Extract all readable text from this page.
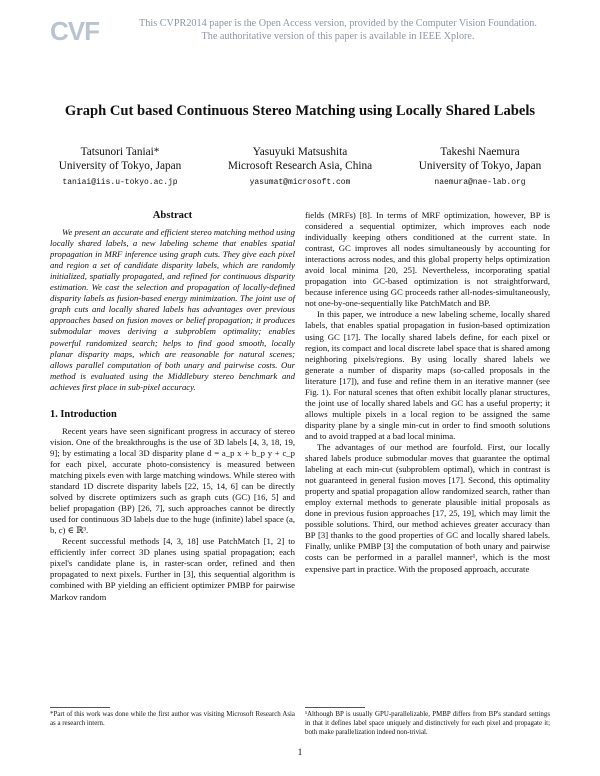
CVF	This CVPR2014 paper is the Open Access version, provided by the Computer Vision Foundation.
The authoritative version of this paper is available in IEEE Xplore.
Graph Cut based Continuous Stereo Matching using Locally Shared Labels
Tatsunori Taniai*
University of Tokyo, Japan
taniai@iis.u-tokyo.ac.jp
Yasuyuki Matsushita
Microsoft Research Asia, China
yasumat@microsoft.com
Takeshi Naemura
University of Tokyo, Japan
naemura@nae-lab.org
Abstract

We present an accurate and efficient stereo matching method using locally shared labels, a new labeling scheme that enables spatial propagation in MRF inference using graph cuts. They give each pixel and region a set of candidate disparity labels, which are randomly initialized, spatially propagated, and refined for continuous disparity estimation. We cast the selection and propagation of locally-defined disparity labels as fusion-based energy minimization. The joint use of graph cuts and locally shared labels has advantages over previous approaches based on fusion moves or belief propagation; it produces submodular moves deriving a subproblem optimality; enables powerful randomized search; helps to find good smooth, locally planar disparity maps, which are reasonable for natural scenes; allows parallel computation of both unary and pairwise costs. Our method is evaluated using the Middlebury stereo benchmark and achieves first place in sub-pixel accuracy.

1. Introduction

Recent years have seen significant progress in accuracy of stereo vision. One of the breakthroughs is the use of 3D labels [4, 3, 18, 19, 9]; by estimating a local 3D disparity plane d = a_p x + b_p y + c_p for each pixel, accurate photo-consistency is measured between matching pixels even with large matching windows. While stereo with standard 1D discrete disparity labels [22, 15, 14, 6] can be directly solved by discrete optimizers such as graph cuts (GC) [16, 5] and belief propagation (BP) [26, 7], such approaches cannot be directly used for continuous 3D labels due to the huge (infinite) label space (a, b, c) ∈ ℝ³.

Recent successful methods [4, 3, 18] use PatchMatch [1, 2] to efficiently infer correct 3D planes using spatial propagation; each pixel's candidate plane is, in raster-scan order, refined and then propagated to next pixels. Further in [3], this sequential algorithm is combined with BP yielding an efficient optimizer PMBP for pairwise Markov random

*Part of this work was done while the first author was visiting Microsoft Research Asia as a research intern.

fields (MRFs) [8]. In terms of MRF optimization, however, BP is considered a sequential optimizer, which improves each node individually keeping others conditioned at the current state. In contrast, GC improves all nodes simultaneously by accounting for interactions across nodes, and this global property helps optimization avoid local minima [20, 25]. Nevertheless, incorporating spatial propagation into GC-based optimization is not straightforward, because inference using GC proceeds rather all-nodes-simultaneously, not one-by-one-sequentially like PatchMatch and BP.

In this paper, we introduce a new labeling scheme, locally shared labels, that enables spatial propagation in fusion-based optimization using GC [17]. The locally shared labels define, for each pixel or region, its compact and local discrete label space that is shared among neighboring pixels/regions. By using locally shared labels we generate a number of disparity maps (so-called proposals in the literature [17]), and fuse and refine them in an iterative manner (see Fig. 1). For natural scenes that often exhibit locally planar structures, the joint use of locally shared labels and GC has a useful property; it allows multiple pixels in a local region to be assigned the same disparity plane by a single min-cut in order to find smooth solutions and to avoid trapped at a bad local minima.

The advantages of our method are fourfold. First, our locally shared labels produce submodular moves that guarantee the optimal labeling at each min-cut (subproblem optimal), which in contrast is not guaranteed in general fusion moves [17]. Second, this optimality property and spatial propagation allow randomized search, rather than employ external methods to generate plausible initial proposals as done in previous fusion approaches [17, 25, 19], which may limit the possible solutions. Third, our method achieves greater accuracy than BP [3] thanks to the good properties of GC and locally shared labels. Finally, unlike PMBP [3] the computation of both unary and pairwise costs can be performed in a parallel manner¹, which is the most expensive part in practice. With the proposed approach, accurate

¹Although BP is usually GPU-parallelizable, PMBP differs from BP's standard settings in that it defines label space uniquely and distinctively for each pixel and propagate it; both make parallelization indeed non-trivial.
1
